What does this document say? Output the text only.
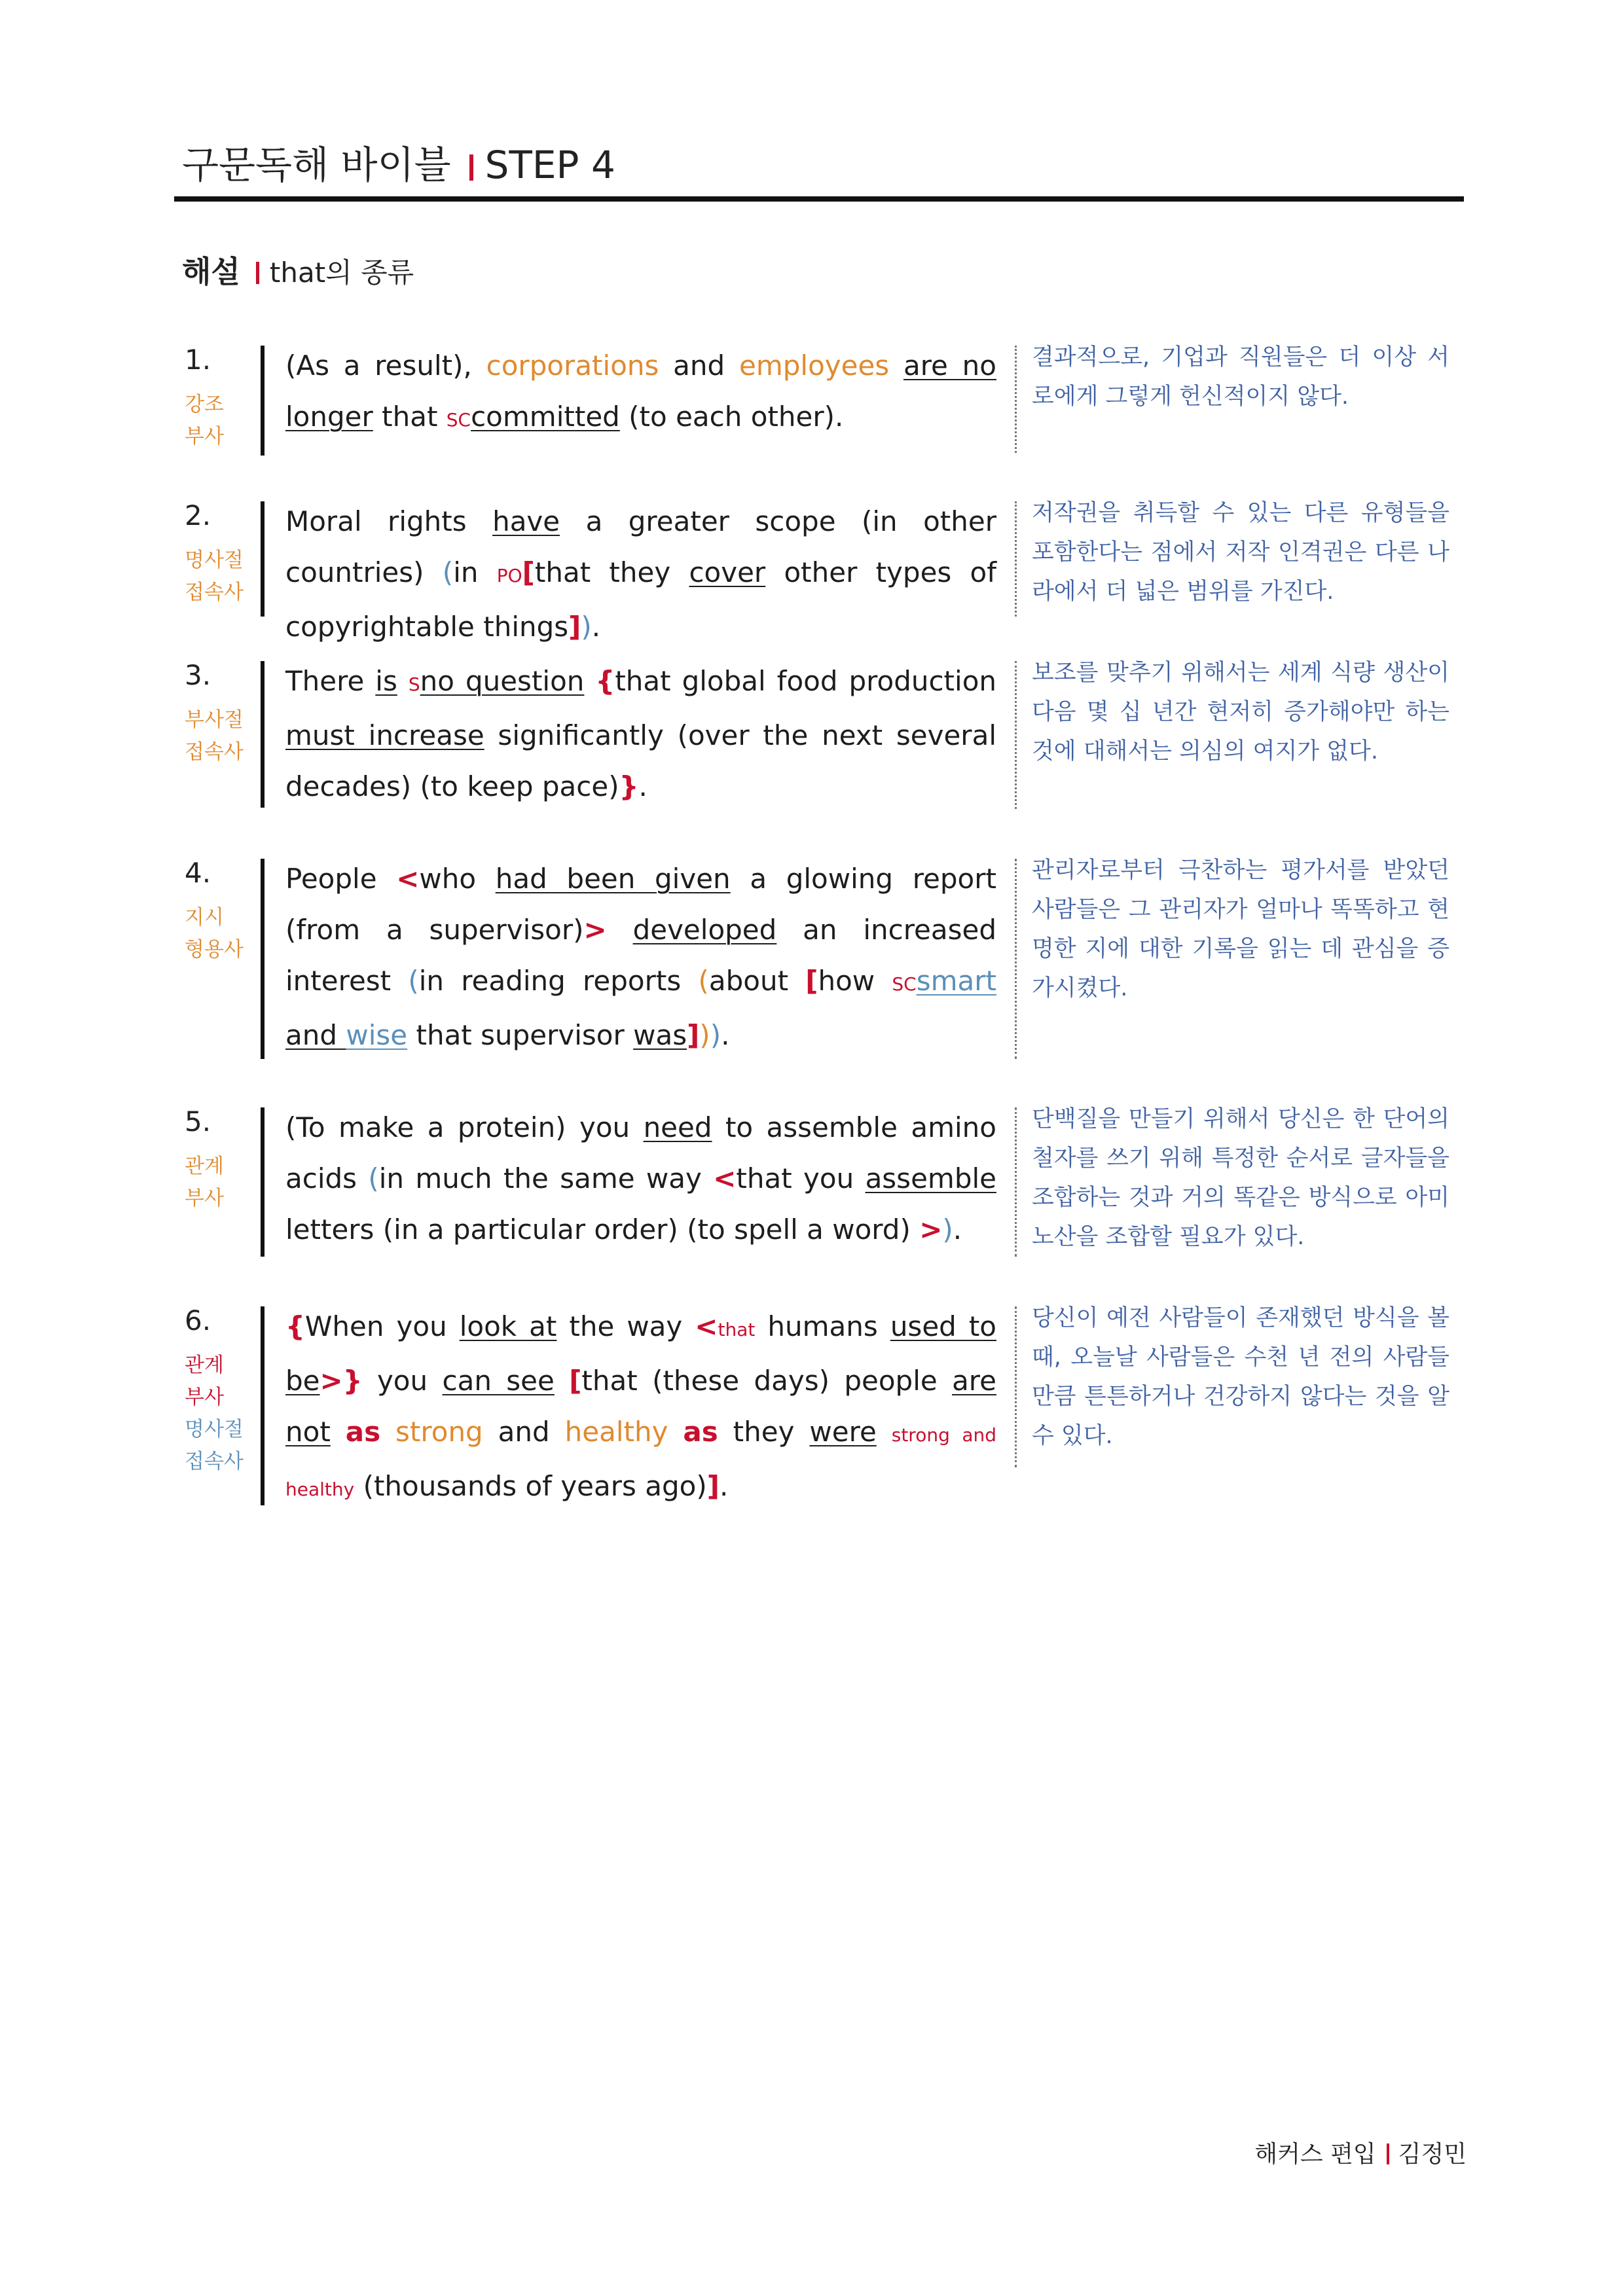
구문독해 바이블 STEP 4
해설 that의 종류
1.
강조
부사
(As a result), corporations and employees are no longer that SCcommitted (to each other).
결과적으로, 기업과 직원들은 더 이상 서로에게 그렇게 헌신적이지 않다.
2.
명사절
접속사
Moral rights have a greater scope (in other countries) (in PO[that they cover other types of copyrightable things]).
저작권을 취득할 수 있는 다른 유형들을 포함한다는 점에서 저작 인격권은 다른 나라에서 더 넓은 범위를 가진다.
3.
부사절
접속사
There is Sno question {that global food production must increase significantly (over the next several decades) (to keep pace)}.
보조를 맞추기 위해서는 세계 식량 생산이 다음 몇 십 년간 현저히 증가해야만 하는 것에 대해서는 의심의 여지가 없다.
4.
지시
형용사
People <who had been given a glowing report (from a supervisor)> developed an increased interest (in reading reports (about [how SCsmart and wise that supervisor was])).
관리자로부터 극찬하는 평가서를 받았던 사람들은 그 관리자가 얼마나 똑똑하고 현명한 지에 대한 기록을 읽는 데 관심을 증가시켰다.
5.
관계
부사
(To make a protein) you need to assemble amino acids (in much the same way <that you assemble letters (in a particular order) (to spell a word) >).
단백질을 만들기 위해서 당신은 한 단어의 철자를 쓰기 위해 특정한 순서로 글자들을 조합하는 것과 거의 똑같은 방식으로 아미노산을 조합할 필요가 있다.
6.
관계
부사
명사절
접속사
{When you look at the way <that humans used to be>} you can see [that (these days) people are not as strong and healthy as they were strong and healthy (thousands of years ago)].
당신이 예전 사람들이 존재했던 방식을 볼 때, 오늘날 사람들은 수천 년 전의 사람들만큼 튼튼하거나 건강하지 않다는 것을 알 수 있다.
해커스 편입 김정민
